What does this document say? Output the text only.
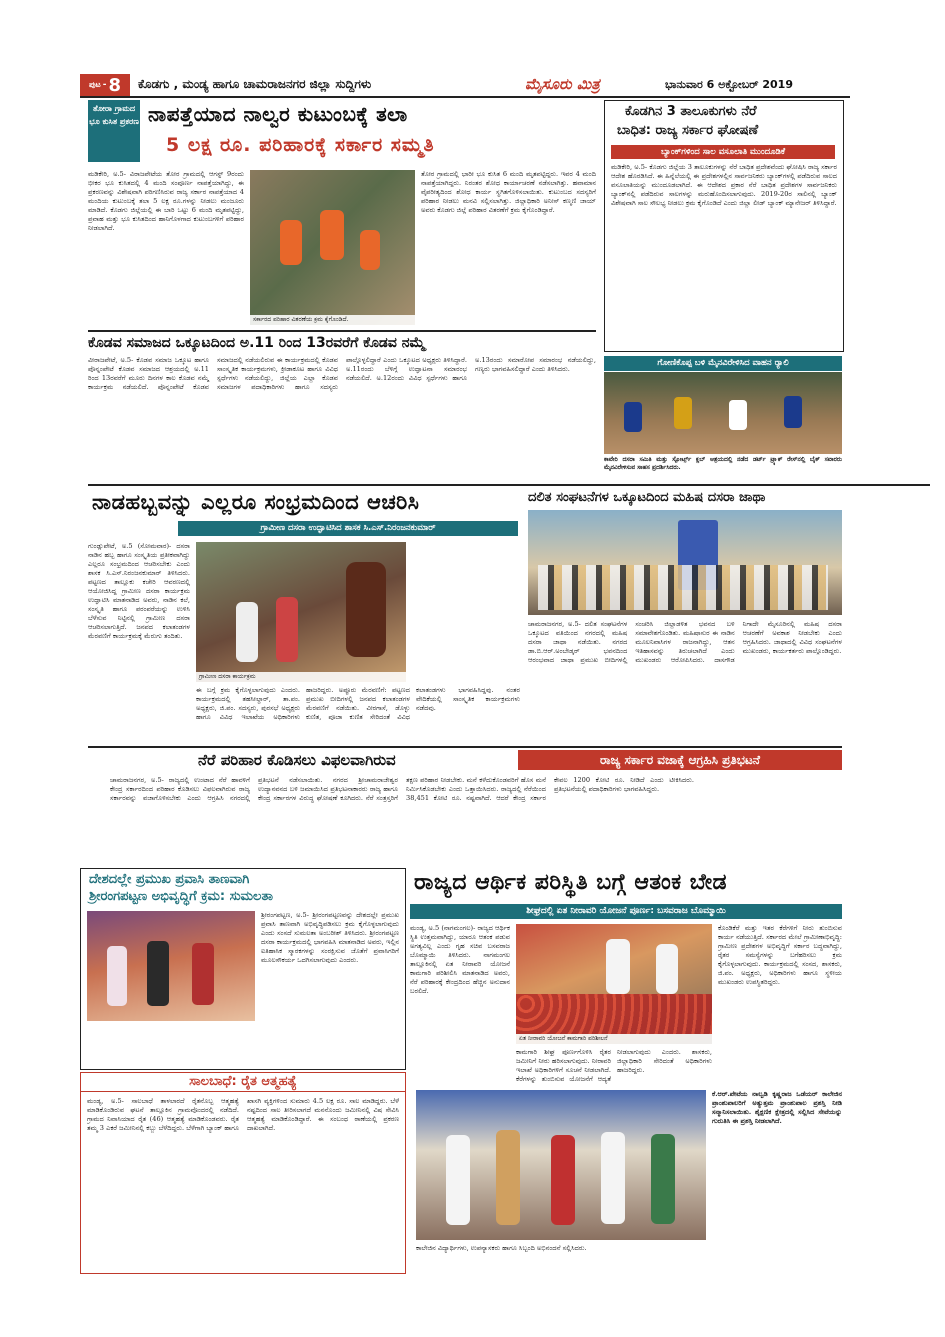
ಪುಟ - 8 ಕೊಡಗು , ಮಂಡ್ಯ ಹಾಗೂ ಚಾಮರಾಜನಗರ ಜಿಲ್ಲಾ ಸುದ್ದಿಗಳು	ಮೈಸೂರು ಮಿತ್ರ	ಭಾನುವಾರ 6 ಅಕ್ಟೋಬರ್ 2019
ತೋರಾ ಗ್ರಾಮದ ಭೂ ಕುಸಿತ ಪ್ರಕರಣ ನಾಪತ್ತೆಯಾದ ನಾಲ್ವರ ಕುಟುಂಬಕ್ಕೆ ತಲಾ
5 ಲಕ್ಷ ರೂ. ಪರಿಹಾರಕ್ಕೆ ಸರ್ಕಾರ ಸಮ್ಮತಿ
ಮಡಿಕೇರಿ, ಅ.5- ವಿರಾಜಪೇಟೆಯ ತೋರ ಗ್ರಾಮದಲ್ಲಿ ಆಗಸ್ಟ್ 9ರಂದು ಭೀಕರ ಭೂ ಕುಸಿತದಲ್ಲಿ 4 ಮಂದಿ ಸಂಪೂರ್ಣ ನಾಪತ್ತೆಯಾಗಿದ್ದು, ಈ ಪ್ರಕರಣವನ್ನು ವಿಶೇಷವಾಗಿ ಪರಿಗಣಿಸಿರುವ ರಾಜ್ಯ ಸರ್ಕಾರ ನಾಪತ್ತೆಯಾದ 4 ಮಂದಿಯ ಕುಟುಂಬಕ್ಕೆ ತಲಾ 5 ಲಕ್ಷ ರೂ.ಗಳನ್ನು ನೀಡಲು ಮಂಜೂರು ಮಾಡಿದೆ. ಕೊಡಗು ಜಿಲ್ಲೆಯಲ್ಲಿ ಈ ಬಾರಿ ಒಟ್ಟು 6 ಮಂದಿ ಮೃತಪಟ್ಟಿದ್ದು, ಪ್ರವಾಹ ಮತ್ತು ಭೂ ಕುಸಿತದಿಂದ ಹಾನಿಗೊಳಗಾದ ಕುಟುಂಬಗಳಿಗೆ ಪರಿಹಾರ ನೀಡಲಾಗಿದೆ.
ಸರ್ಕಾರದ ಪರಿಹಾರ ವಿತರಣೆಯ ಕ್ರಮ ಕೈಗೊಂಡಿದೆ.
ತೋರ ಗ್ರಾಮದಲ್ಲಿ ಭಾರೀ ಭೂ ಕುಸಿತ 6 ಮಂದಿ ಮೃತಪಟ್ಟಿದ್ದರು. ಇವರ 4 ಮಂದಿ ನಾಪತ್ತೆಯಾಗಿದ್ದರು. ನಿರಂತರ ಶೋಧ ಕಾರ್ಯಾಚರಣೆ ನಡೆಸಲಾಗಿತ್ತು. ಹವಾಮಾನ ವೈಪರೀತ್ಯದಿಂದ ಶೋಧ ಕಾರ್ಯ ಸ್ಥಗಿತಗೊಳಿಸಲಾಯಿತು. ಕುಟುಂಬದ ಸದಸ್ಯರಿಗೆ ಪರಿಹಾರ ನೀಡಲು ಮನವಿ ಸಲ್ಲಿಸಲಾಗಿತ್ತು. ಜಿಲ್ಲಾಧಿಕಾರಿ ಅನೀಸ್ ಕಣ್ಮಣಿ ಜಾಯ್ ಅವರು ಕೊಡಗು ಜಿಲ್ಲೆ ಪರಿಹಾರ ವಿತರಣೆಗೆ ಕ್ರಮ ಕೈಗೊಂಡಿದ್ದಾರೆ.
ಕೊಡಗಿನ 3 ತಾಲೂಕುಗಳು ನೆರೆ
ಬಾಧಿತ: ರಾಜ್ಯ ಸರ್ಕಾರ ಘೋಷಣೆ
ಬ್ಯಾಂಕ್‌ಗಳಿಂದ ಸಾಲ ವಸೂಲಾತಿ ಮುಂದೂಡಿಕೆ
ಮಡಿಕೇರಿ, ಅ.5- ಕೊಡಗು ಜಿಲ್ಲೆಯ 3 ತಾಲೂಕುಗಳನ್ನು ನೆರೆ ಬಾಧಿತ ಪ್ರದೇಶವೆಂದು ಘೋಷಿಸಿ ರಾಜ್ಯ ಸರ್ಕಾರ ಆದೇಶ ಹೊರಡಿಸಿದೆ. ಈ ಹಿನ್ನೆಲೆಯಲ್ಲಿ ಈ ಪ್ರದೇಶಗಳಲ್ಲಿನ ಸಾರ್ವಜನಿಕರು ಬ್ಯಾಂಕ್‌ಗಳಲ್ಲಿ ಪಡೆದಿರುವ ಸಾಲದ ವಸೂಲಾತಿಯನ್ನು ಮುಂದೂಡಲಾಗಿದೆ. ಈ ಆದೇಶದ ಪ್ರಕಾರ ನೆರೆ ಬಾಧಿತ ಪ್ರದೇಶಗಳ ಸಾರ್ವಜನಿಕರು ಬ್ಯಾಂಕ್‌ನಲ್ಲಿ ಪಡೆದಿರುವ ಸಾಲಗಳನ್ನು ಮರುಹೊಂದಿಸಲಾಗುವುದು. 2019-20ರ ಸಾಲಿನಲ್ಲಿ ಬ್ಯಾಂಕ್ ವಿಶೇಷವಾಗಿ ಸಾಲ ಸೌಲಭ್ಯ ನೀಡಲು ಕ್ರಮ ಕೈಗೊಂಡಿದೆ ಎಂದು ಜಿಲ್ಲಾ ಲೀಡ್ ಬ್ಯಾಂಕ್ ಮ್ಯಾನೇಜರ್ ತಿಳಿಸಿದ್ದಾರೆ.
ಕೊಡವ ಸಮಾಜದ ಒಕ್ಕೂಟದಿಂದ ಅ.11 ರಿಂದ 13ರವರೆಗೆ ಕೊಡವ ನಮ್ಮೆ
ವೀರಾಜಪೇಟೆ, ಅ.5- ಕೊಡವ ಸಮಾಜ ಒಕ್ಕೂಟ ಹಾಗೂ ಪೊನ್ನಂಪೇಟೆ ಕೊಡವ ಸಮಾಜದ ಆಶ್ರಯದಲ್ಲಿ ಅ.11 ರಿಂದ 13ರವರೆಗೆ ಮೂರು ದಿನಗಳ ಕಾಲ ಕೊಡವ ನಮ್ಮೆ ಕಾರ್ಯಕ್ರಮ ನಡೆಯಲಿದೆ. ಪೊನ್ನಂಪೇಟೆ ಕೊಡವ ಸಮಾಜದಲ್ಲಿ ನಡೆಯಲಿರುವ ಈ ಕಾರ್ಯಕ್ರಮದಲ್ಲಿ ಕೊಡವ ಸಾಂಸ್ಕೃತಿಕ ಕಾರ್ಯಕ್ರಮಗಳು, ಕ್ರೀಡಾಕೂಟ ಹಾಗೂ ವಿವಿಧ ಸ್ಪರ್ಧೆಗಳು ನಡೆಯಲಿದ್ದು, ಜಿಲ್ಲೆಯ ಎಲ್ಲಾ ಕೊಡವ ಸಮಾಜಗಳ ಪದಾಧಿಕಾರಿಗಳು ಹಾಗೂ ಸದಸ್ಯರು ಪಾಲ್ಗೊಳ್ಳಲಿದ್ದಾರೆ ಎಂದು ಒಕ್ಕೂಟದ ಅಧ್ಯಕ್ಷರು ತಿಳಿಸಿದ್ದಾರೆ. ಅ.11ರಂದು ಬೆಳಿಗ್ಗೆ ಉದ್ಘಾಟನಾ ಸಮಾರಂಭ ನಡೆಯಲಿದೆ. ಅ.12ರಂದು ವಿವಿಧ ಸ್ಪರ್ಧೆಗಳು ಹಾಗೂ ಅ.13ರಂದು ಸಮಾರೋಪ ಸಮಾರಂಭ ನಡೆಯಲಿದ್ದು, ಗಣ್ಯರು ಭಾಗವಹಿಸಲಿದ್ದಾರೆ ಎಂದು ತಿಳಿಸಿದರು.
ಗೋಣಿಕೊಪ್ಪ ಬಳಿ ಮೈನವಿರೇಳಿಸಿದ ವಾಹನ ರ್‍ಯಾಲಿ
ಕಾವೇರಿ ದಸರಾ ಸಮಿತಿ ಮತ್ತು ಸ್ಪೋರ್ಟ್ಸ್ ಕ್ಲಬ್ ಆಶ್ರಯದಲ್ಲಿ ನಡೆದ ಡರ್ಟ್ ಟ್ರ್ಯಾಕ್ ರೇಸ್‌ನಲ್ಲಿ ಬೈಕ್ ಸವಾರರು ಮೈನವಿರೇಳಿಸುವ ಸಾಹಸ ಪ್ರದರ್ಶಿಸಿದರು.
ನಾಡಹಬ್ಬವನ್ನು ಎಲ್ಲರೂ ಸಂಭ್ರಮದಿಂದ ಆಚರಿಸಿ
ಗ್ರಾಮೀಣ ದಸರಾ ಉದ್ಘಾಟಿಸಿದ ಶಾಸಕ ಸಿ.ಎಸ್.ನಿರಂಜನಕುಮಾರ್
ಗುಂಡ್ಲುಪೇಟೆ, ಅ.5 (ಸೋಮವಾರ)- ದಸರಾ ನಾಡಿನ ಹಬ್ಬ ಹಾಗೂ ಸಂಸ್ಕೃತಿಯ ಪ್ರತೀಕವಾಗಿದ್ದು ಎಲ್ಲರೂ ಸಂಭ್ರಮದಿಂದ ಆಚರಿಸಬೇಕು ಎಂದು ಶಾಸಕ ಸಿ.ಎಸ್.ನಿರಂಜನಕುಮಾರ್ ತಿಳಿಸಿದರು. ಪಟ್ಟಣದ ತಾಲ್ಲೂಕು ಕಚೇರಿ ಆವರಣದಲ್ಲಿ ಆಯೋಜಿಸಿದ್ದ ಗ್ರಾಮೀಣ ದಸರಾ ಕಾರ್ಯಕ್ರಮ ಉದ್ಘಾಟಿಸಿ ಮಾತನಾಡಿದ ಅವರು, ನಾಡಿನ ಕಲೆ, ಸಂಸ್ಕೃತಿ ಹಾಗೂ ಪರಂಪರೆಯನ್ನು ಉಳಿಸಿ ಬೆಳೆಸುವ ನಿಟ್ಟಿನಲ್ಲಿ ಗ್ರಾಮೀಣ ದಸರಾ ಆಚರಿಸಲಾಗುತ್ತಿದೆ. ಜನಪದ ಕಲಾತಂಡಗಳ ಮೆರವಣಿಗೆ ಕಾರ್ಯಕ್ರಮಕ್ಕೆ ಮೆರುಗು ತಂದಿತು.
ಗ್ರಾಮೀಣ ದಸರಾ ಕಾರ್ಯಕ್ರಮ
ಈ ಬಗ್ಗೆ ಕ್ರಮ ಕೈಗೊಳ್ಳಲಾಗುವುದು ಎಂದರು. ಕಾರ್ಯಕ್ರಮದಲ್ಲಿ ತಹಸೀಲ್ದಾರ್, ತಾ.ಪಂ. ಅಧ್ಯಕ್ಷರು, ಜಿ.ಪಂ. ಸದಸ್ಯರು, ಪುರಸಭೆ ಅಧ್ಯಕ್ಷರು ಹಾಗೂ ವಿವಿಧ ಇಲಾಖೆಯ ಅಧಿಕಾರಿಗಳು ಹಾಜರಿದ್ದರು. ಅಪ್ಪೂರು ಮೆರವಣಿಗೆ: ಪಟ್ಟಣದ ಪ್ರಮುಖ ಬೀದಿಗಳಲ್ಲಿ ಜನಪದ ಕಲಾತಂಡಗಳ ಮೆರವಣಿಗೆ ನಡೆಯಿತು. ವೀರಗಾಸೆ, ಡೊಳ್ಳು ಕುಣಿತ, ಪೂಜಾ ಕುಣಿತ ಸೇರಿದಂತೆ ವಿವಿಧ ಕಲಾತಂಡಗಳು ಭಾಗವಹಿಸಿದ್ದವು. ನಂತರ ವೇದಿಕೆಯಲ್ಲಿ ಸಾಂಸ್ಕೃತಿಕ ಕಾರ್ಯಕ್ರಮಗಳು ನಡೆದವು.
ದಲಿತ ಸಂಘಟನೆಗಳ ಒಕ್ಕೂಟದಿಂದ ಮಹಿಷ ದಸರಾ ಜಾಥಾ
ಚಾಮರಾಜನಗರ, ಅ.5- ದಲಿತ ಸಂಘಟನೆಗಳ ಒಕ್ಕೂಟದ ವತಿಯಿಂದ ನಗರದಲ್ಲಿ ಮಹಿಷ ದಸರಾ ಜಾಥಾ ನಡೆಯಿತು. ನಗರದ ಡಾ.ಬಿ.ಆರ್.ಅಂಬೇಡ್ಕರ್ ಭವನದಿಂದ ಆರಂಭವಾದ ಜಾಥಾ ಪ್ರಮುಖ ಬೀದಿಗಳಲ್ಲಿ ಸಂಚರಿಸಿ ಜಿಲ್ಲಾಡಳಿತ ಭವನದ ಬಳಿ ಸಮಾವೇಶಗೊಂಡಿತು. ಮಹಿಷಾಸುರ ಈ ನಾಡಿನ ಮೂಲನಿವಾಸಿಗಳ ರಾಜನಾಗಿದ್ದು, ಆತನ ಇತಿಹಾಸವನ್ನು ತಿರುಚಲಾಗಿದೆ ಎಂದು ಮುಖಂಡರು ಆರೋಪಿಸಿದರು. ದಾಸಗೌಡ ನಿಗಾದೇ ಮೈಸೂರಿನಲ್ಲಿ ಮಹಿಷ ದಸರಾ ಆಚರಣೆಗೆ ಅವಕಾಶ ನೀಡಬೇಕು ಎಂದು ಆಗ್ರಹಿಸಿದರು. ಜಾಥಾದಲ್ಲಿ ವಿವಿಧ ಸಂಘಟನೆಗಳ ಮುಖಂಡರು, ಕಾರ್ಯಕರ್ತರು ಪಾಲ್ಗೊಂಡಿದ್ದರು.
ನೆರೆ ಪರಿಹಾರ ಕೊಡಿಸಲು ವಿಫಲವಾಗಿರುವ	ರಾಜ್ಯ ಸರ್ಕಾರ ವಜಾಕ್ಕೆ ಆಗ್ರಹಿಸಿ ಪ್ರತಿಭಟನೆ
ಚಾಮರಾಜನಗರ, ಅ.5- ರಾಜ್ಯದಲ್ಲಿ ಉಂಟಾದ ನೆರೆ ಹಾವಳಿಗೆ ಕೇಂದ್ರ ಸರ್ಕಾರದಿಂದ ಪರಿಹಾರ ಕೊಡಿಸಲು ವಿಫಲವಾಗಿರುವ ರಾಜ್ಯ ಸರ್ಕಾರವನ್ನು ವಜಾಗೊಳಿಸಬೇಕು ಎಂದು ಆಗ್ರಹಿಸಿ ನಗರದಲ್ಲಿ ಪ್ರತಿಭಟನೆ ನಡೆಸಲಾಯಿತು. ನಗರದ ಶ್ರೀಚಾಮರಾಜೇಶ್ವರ ಉದ್ಯಾನವನದ ಬಳಿ ಜಮಾಯಿಸಿದ ಪ್ರತಿಭಟನಾಕಾರರು ರಾಜ್ಯ ಹಾಗೂ ಕೇಂದ್ರ ಸರ್ಕಾರಗಳ ವಿರುದ್ಧ ಘೋಷಣೆ ಕೂಗಿದರು. ನೆರೆ ಸಂತ್ರಸ್ತರಿಗೆ ತಕ್ಷಣ ಪರಿಹಾರ ನೀಡಬೇಕು. ಮನೆ ಕಳೆದುಕೊಂಡವರಿಗೆ ಹೊಸ ಮನೆ ನಿರ್ಮಿಸಿಕೊಡಬೇಕು ಎಂದು ಒತ್ತಾಯಿಸಿದರು. ರಾಜ್ಯದಲ್ಲಿ ನೆರೆಯಿಂದ 38,451 ಕೋಟಿ ರೂ. ನಷ್ಟವಾಗಿದೆ. ಆದರೆ ಕೇಂದ್ರ ಸರ್ಕಾರ ಕೇವಲ 1200 ಕೋಟಿ ರೂ. ನೀಡಿದೆ ಎಂದು ಟೀಕಿಸಿದರು. ಪ್ರತಿಭಟನೆಯಲ್ಲಿ ಪದಾಧಿಕಾರಿಗಳು ಭಾಗವಹಿಸಿದ್ದರು.
ದೇಶದಲ್ಲೇ ಪ್ರಮುಖ ಪ್ರವಾಸಿ ತಾಣವಾಗಿ
ಶ್ರೀರಂಗಪಟ್ಟಣ ಅಭಿವೃದ್ಧಿಗೆ ಕ್ರಮ: ಸುಮಲತಾ
ಶ್ರೀರಂಗಪಟ್ಟಣ, ಅ.5- ಶ್ರೀರಂಗಪಟ್ಟಣವನ್ನು ದೇಶದಲ್ಲೇ ಪ್ರಮುಖ ಪ್ರವಾಸಿ ತಾಣವಾಗಿ ಅಭಿವೃದ್ಧಿಪಡಿಸಲು ಕ್ರಮ ಕೈಗೊಳ್ಳಲಾಗುವುದು ಎಂದು ಸಂಸದೆ ಸುಮಲತಾ ಅಂಬರೀಶ್ ತಿಳಿಸಿದರು. ಶ್ರೀರಂಗಪಟ್ಟಣ ದಸರಾ ಕಾರ್ಯಕ್ರಮದಲ್ಲಿ ಭಾಗವಹಿಸಿ ಮಾತನಾಡಿದ ಅವರು, ಇಲ್ಲಿನ ಐತಿಹಾಸಿಕ ಸ್ಮಾರಕಗಳನ್ನು ಸಂರಕ್ಷಿಸುವ ಜೊತೆಗೆ ಪ್ರವಾಸಿಗರಿಗೆ ಮೂಲಸೌಕರ್ಯ ಒದಗಿಸಲಾಗುವುದು ಎಂದರು.
ಸಾಲಬಾಧೆ: ರೈತ ಆತ್ಮಹತ್ಯೆ
ಮಂಡ್ಯ, ಅ.5- ಸಾಲಬಾಧೆ ತಾಳಲಾರದೆ ರೈತನೊಬ್ಬ ಆತ್ಮಹತ್ಯೆ ಮಾಡಿಕೊಂಡಿರುವ ಘಟನೆ ತಾಲ್ಲೂಕಿನ ಗ್ರಾಮವೊಂದರಲ್ಲಿ ನಡೆದಿದೆ. ಗ್ರಾಮದ ನಿವಾಸಿಯಾದ ರೈತ (46) ಆತ್ಮಹತ್ಯೆ ಮಾಡಿಕೊಂಡವರು. ರೈತ ತಮ್ಮ 3 ಎಕರೆ ಜಮೀನಿನಲ್ಲಿ ಕಬ್ಬು ಬೆಳೆದಿದ್ದರು. ಬೆಳೆಗಾಗಿ ಬ್ಯಾಂಕ್ ಹಾಗೂ ಖಾಸಗಿ ವ್ಯಕ್ತಿಗಳಿಂದ ಸುಮಾರು 4.5 ಲಕ್ಷ ರೂ. ಸಾಲ ಮಾಡಿದ್ದರು. ಬೆಳೆ ನಷ್ಟದಿಂದ ಸಾಲ ತೀರಿಸಲಾಗದೆ ಮನನೊಂದು ಜಮೀನಿನಲ್ಲಿ ವಿಷ ಸೇವಿಸಿ ಆತ್ಮಹತ್ಯೆ ಮಾಡಿಕೊಂಡಿದ್ದಾರೆ. ಈ ಸಂಬಂಧ ಠಾಣೆಯಲ್ಲಿ ಪ್ರಕರಣ ದಾಖಲಾಗಿದೆ.
ರಾಜ್ಯದ ಆರ್ಥಿಕ ಪರಿಸ್ಥಿತಿ ಬಗ್ಗೆ ಆತಂಕ ಬೇಡ
ಶೀಘ್ರದಲ್ಲಿ ಏತ ನೀರಾವರಿ ಯೋಜನೆ ಪೂರ್ಣ: ಬಸವರಾಜ ಬೊಮ್ಮಾಯಿ
ಮಂಡ್ಯ, ಅ.5 (ನಾಗಮಂಗಲ)- ರಾಜ್ಯದ ಆರ್ಥಿಕ ಸ್ಥಿತಿ ಉತ್ತಮವಾಗಿದ್ದು, ಯಾರೂ ಆತಂಕ ಪಡುವ ಅಗತ್ಯವಿಲ್ಲ ಎಂದು ಗೃಹ ಸಚಿವ ಬಸವರಾಜ ಬೊಮ್ಮಾಯಿ ತಿಳಿಸಿದರು. ನಾಗಮಂಗಲ ತಾಲ್ಲೂಕಿನಲ್ಲಿ ಏತ ನೀರಾವರಿ ಯೋಜನೆ ಕಾಮಗಾರಿ ಪರಿಶೀಲಿಸಿ ಮಾತನಾಡಿದ ಅವರು, ನೆರೆ ಪರಿಹಾರಕ್ಕೆ ಕೇಂದ್ರದಿಂದ ಹೆಚ್ಚಿನ ಅನುದಾನ ಬರಲಿದೆ.
ಏತ ನೀರಾವರಿ ಯೋಜನೆ ಕಾಮಗಾರಿ ಪರಿಶೀಲನೆ
ಕಾಮಗಾರಿ ಶೀಘ್ರ ಪೂರ್ಣಗೊಳಿಸಿ ರೈತರ ಜಮೀನಿಗೆ ನೀರು ಹರಿಸಲಾಗುವುದು. ನೀರಾವರಿ ಇಲಾಖೆ ಅಧಿಕಾರಿಗಳಿಗೆ ಸೂಚನೆ ನೀಡಲಾಗಿದೆ. ಕೆರೆಗಳನ್ನು ತುಂಬಿಸುವ ಯೋಜನೆಗೆ ಆದ್ಯತೆ ನೀಡಲಾಗುವುದು ಎಂದರು. ಶಾಸಕರು, ಜಿಲ್ಲಾಧಿಕಾರಿ ಸೇರಿದಂತೆ ಅಧಿಕಾರಿಗಳು ಹಾಜರಿದ್ದರು.
ಕೊಂಡಿಕೆರೆ ಮತ್ತು ಇತರ ಕೆರೆಗಳಿಗೆ ನೀರು ತುಂಬಿಸುವ ಕಾರ್ಯ ನಡೆಯುತ್ತಿದೆ. ಸರ್ಕಾರದ ಮೇಲೆ ಗ್ರಾಮೀಣಾಭಿವೃದ್ಧಿ: ಗ್ರಾಮೀಣ ಪ್ರದೇಶಗಳ ಅಭಿವೃದ್ಧಿಗೆ ಸರ್ಕಾರ ಬದ್ಧವಾಗಿದ್ದು, ರೈತರ ಸಮಸ್ಯೆಗಳನ್ನು ಬಗೆಹರಿಸಲು ಕ್ರಮ ಕೈಗೊಳ್ಳಲಾಗುವುದು. ಕಾರ್ಯಕ್ರಮದಲ್ಲಿ ಸಂಸದ, ಶಾಸಕರು, ಜಿ.ಪಂ. ಅಧ್ಯಕ್ಷರು, ಅಧಿಕಾರಿಗಳು ಹಾಗೂ ಸ್ಥಳೀಯ ಮುಖಂಡರು ಉಪಸ್ಥಿತರಿದ್ದರು.
ಕಾಲೇಜಿನ ವಿದ್ಯಾರ್ಥಿಗಳು, ಉಪನ್ಯಾಸಕರು ಹಾಗೂ ಸಿಬ್ಬಂದಿ ಅಭಿನಂದನೆ ಸಲ್ಲಿಸಿದರು.
ಕೆ.ಆರ್.ಪೇಟೆಯ ನಾಲ್ವಡಿ ಕೃಷ್ಣರಾಜ ಒಡೆಯರ್ ಕಾಲೇಜಿನ ಪ್ರಾಂಶುಪಾಲರಿಗೆ ಅತ್ಯುತ್ತಮ ಪ್ರಾಂಶುಪಾಲ ಪ್ರಶಸ್ತಿ ನೀಡಿ ಸನ್ಮಾನಿಸಲಾಯಿತು. ಶೈಕ್ಷಣಿಕ ಕ್ಷೇತ್ರದಲ್ಲಿ ಸಲ್ಲಿಸಿದ ಸೇವೆಯನ್ನು ಗುರುತಿಸಿ ಈ ಪ್ರಶಸ್ತಿ ನೀಡಲಾಗಿದೆ.
